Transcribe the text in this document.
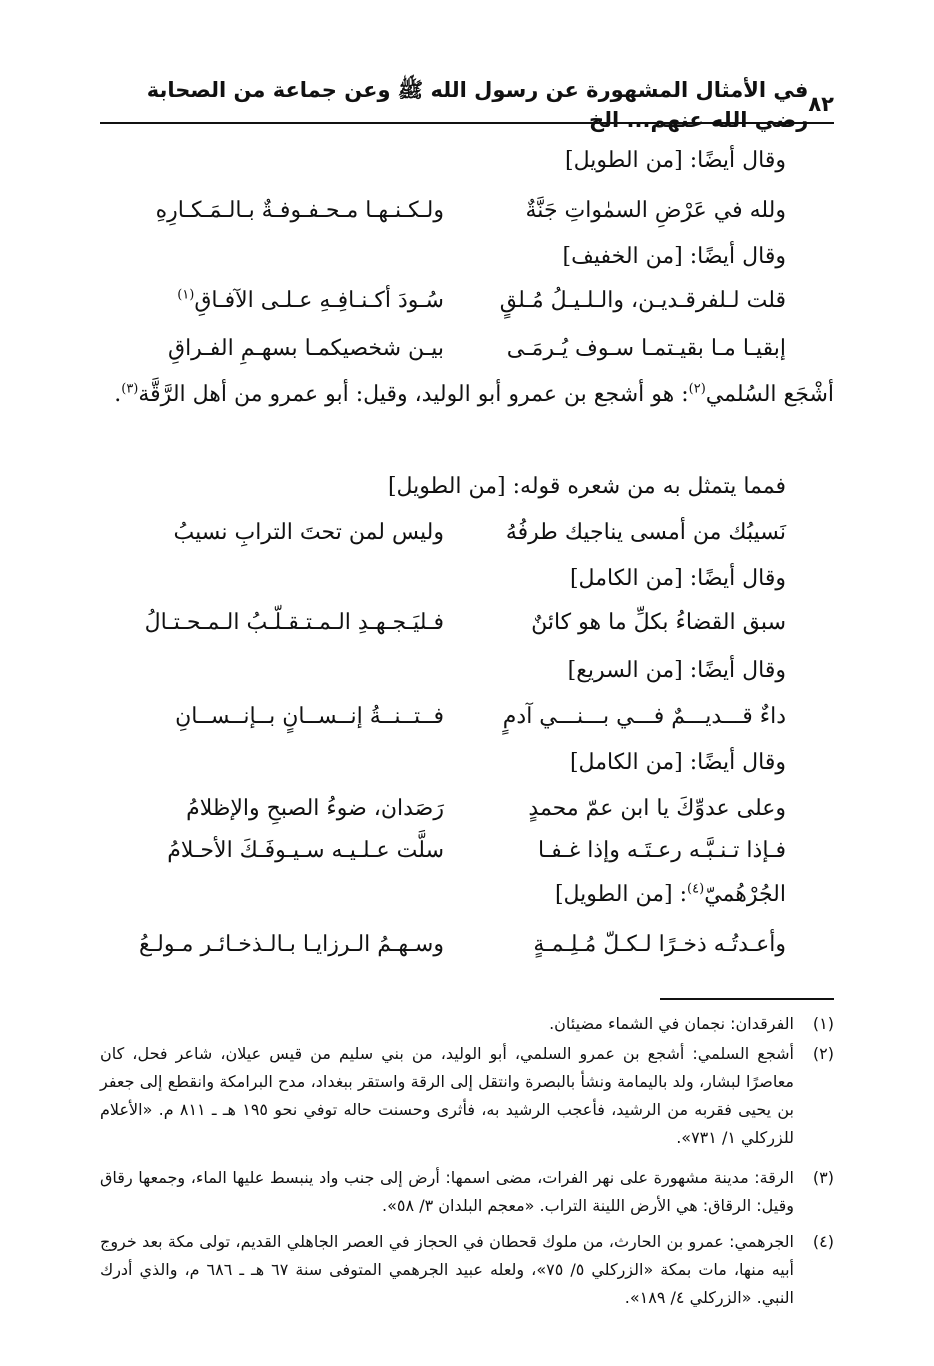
٨٢
في الأمثال المشهورة عن رسول الله ﷺ وعن جماعة من الصحابة رضي الله عنهم... الخ
وقال أيضًا: [من الطويل]
ولله في عَرْضِ السمٰواتِ جَنَّةٌ
ولـكـنـهـا مـحـفـوفـةٌ بـالـمَـكـارِهِ
وقال أيضًا: [من الخفيف]
قلت لـلفرقـديـن، والـلـيـلُ مُـلقٍ
سُـودَ أكـنـافِـهِ عـلـى الآفـاقِ$^{(١)}$
إبقيـا مـا بقيـتمـا سـوف يُـرمَـى
بيـن شخصيكمـا بسهـمِ الفـراقِ
أشْجَع السُلمي$^{(٢)}$: هو أشجع بن عمرو أبو الوليد، وقيل: أبو عمرو من أهل الرَّقَّة$^{(٣)}$.
فمما يتمثل به من شعره قوله: [من الطويل]
نَسيبُك من أمسى يناجيك طرفُهُ
وليس لمن تحتَ الترابِ نسيبُ
وقال أيضًا: [من الكامل]
سبق القضاءُ بكلِّ ما هو كائنٌ
فـليَـجـهـدِ الـمـتـقـلّـبُ الـمـحـتـالُ
وقال أيضًا: [من السريع]
داءٌ قـــديـــمٌ فـــي بـــنـــي آدمٍ
فــتــنــةُ إنــســانٍ بــإنــســانِ
وقال أيضًا: [من الكامل]
وعلى عدوِّكَ يا ابن عمّ محمدٍ
رَصَدان، ضوءُ الصبحِ والإظلامُ
فـإذا تـنـبَّـه رعـتَـه وإذا غـفـا
سلَّت عـلـيـه سـيـوفَـكَ الأحـلامُ
الجُرْهُميّ$^{(٤)}$: [من الطويل]
وأعـدتُـه ذخـرًا لـكـلّ مُـلِـمـةٍ
وسـهـمُ الـرزايـا بـالـذخـائـر مـولـعُ
(١)
الفرقدان: نجمان في الشماء مضيئان.
(٢)
أشجع السلمي: أشجع بن عمرو السلمي، أبو الوليد، من بني سليم من قيس عيلان، شاعر فحل، كان معاصرًا لبشار، ولد باليمامة ونشأ بالبصرة وانتقل إلى الرقة واستقر ببغداد، مدح البرامكة وانقطع إلى جعفر بن يحيى فقربه من الرشيد، فأعجب الرشيد به، فأثرى وحسنت حاله توفي نحو ١٩٥ هـ ـ ٨١١ م. «الأعلام للزركلي ١/ ٧٣١».
(٣)
الرقة: مدينة مشهورة على نهر الفرات، مضى اسمها: أرض إلى جنب واد ينبسط عليها الماء، وجمعها رقاق وقيل: الرقاق: هي الأرض اللينة التراب. «معجم البلدان ٣/ ٥٨».
(٤)
الجرهمي: عمرو بن الحارث، من ملوك قحطان في الحجاز في العصر الجاهلي القديم، تولى مكة بعد خروج أبيه منها، مات بمكة «الزركلي ٥/ ٧٥»، ولعله عبيد الجرهمي المتوفى سنة ٦٧ هـ ـ ٦٨٦ م، والذي أدرك النبي. «الزركلي ٤/ ١٨٩».
